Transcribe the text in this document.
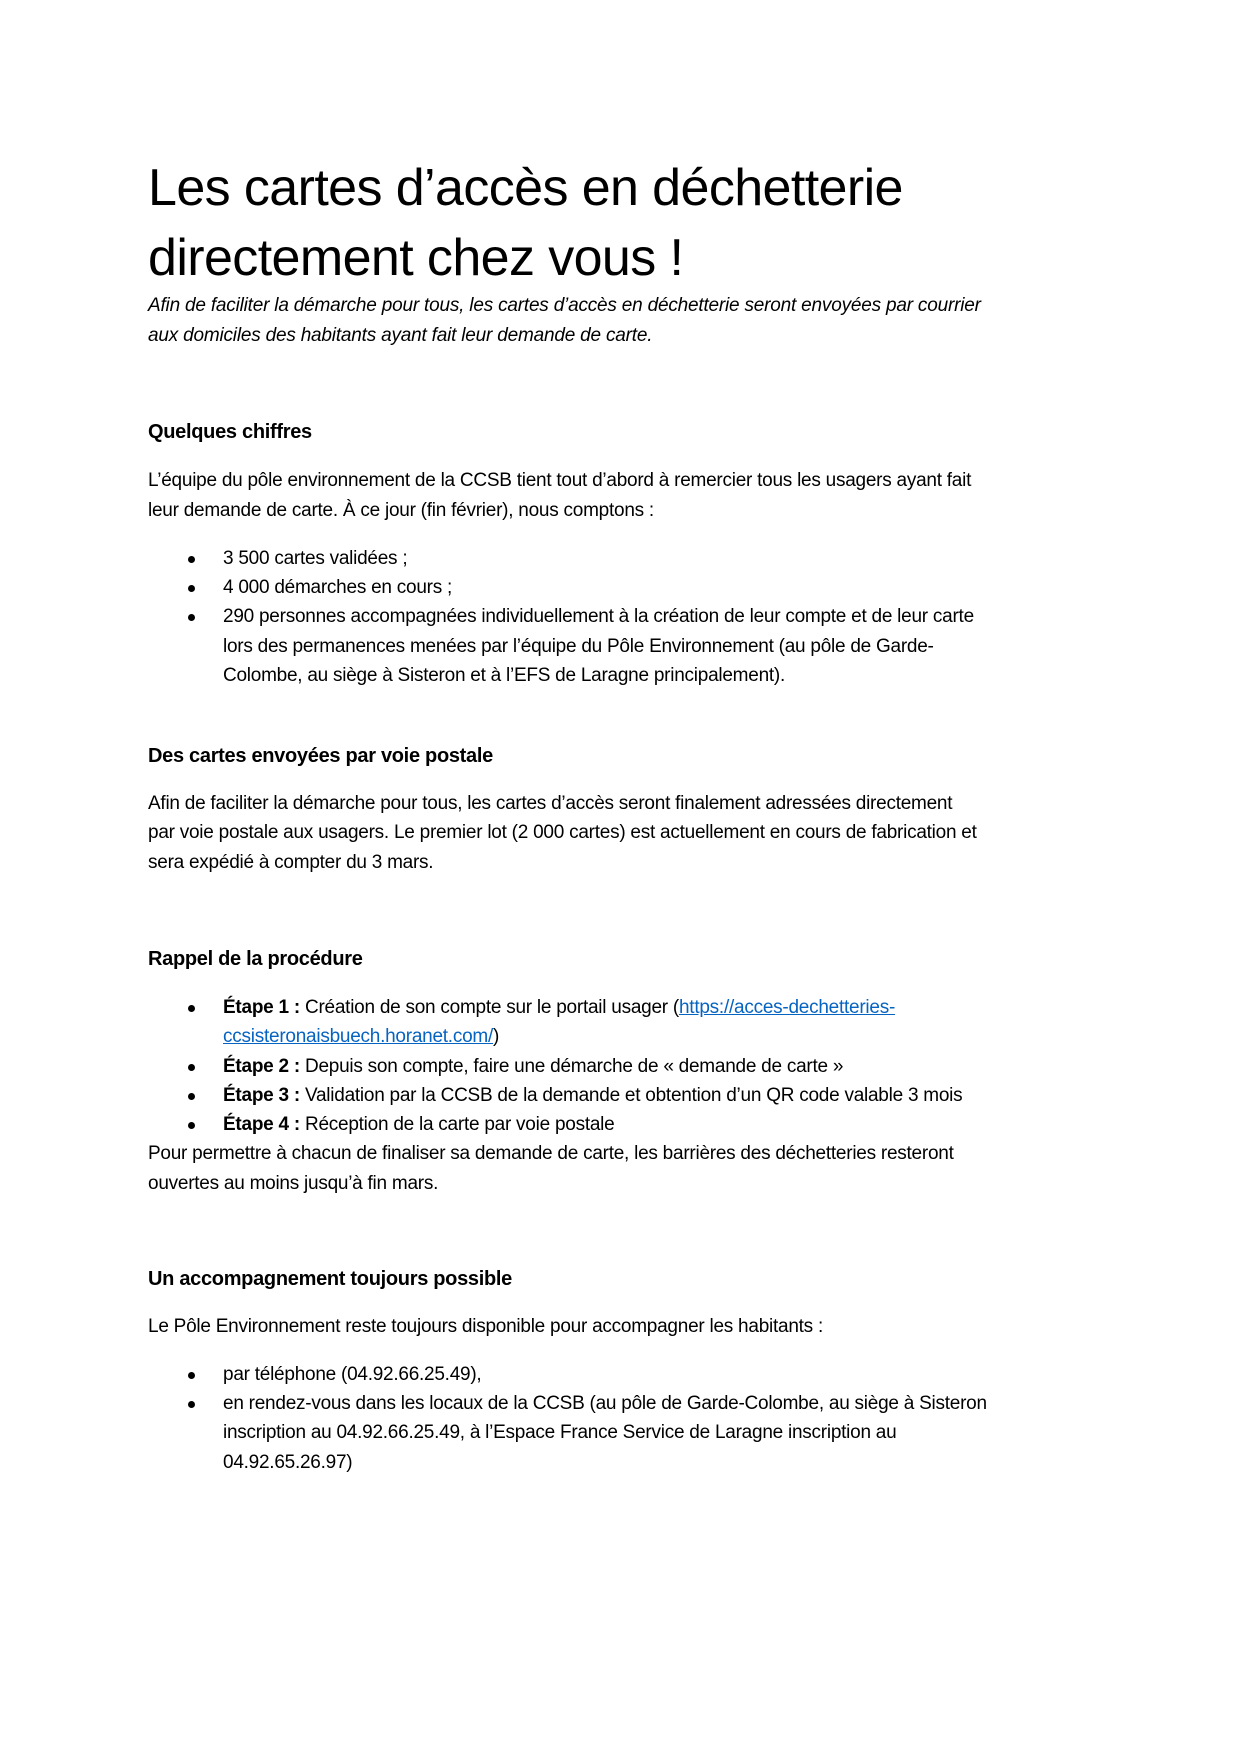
Les cartes d’accès en déchetterie
directement chez vous !
Afin de faciliter la démarche pour tous, les cartes d’accès en déchetterie seront envoyées par courrier
aux domiciles des habitants ayant fait leur demande de carte.
Quelques chiffres
L’équipe du pôle environnement de la CCSB tient tout d’abord à remercier tous les usagers ayant fait
leur demande de carte. À ce jour (fin février), nous comptons :
3 500 cartes validées ;
4 000 démarches en cours ;
290 personnes accompagnées individuellement à la création de leur compte et de leur carte
lors des permanences menées par l’équipe du Pôle Environnement (au pôle de Garde-
Colombe, au siège à Sisteron et à l’EFS de Laragne principalement).
Des cartes envoyées par voie postale
Afin de faciliter la démarche pour tous, les cartes d’accès seront finalement adressées directement
par voie postale aux usagers. Le premier lot (2 000 cartes) est actuellement en cours de fabrication et
sera expédié à compter du 3 mars.
Rappel de la procédure
Étape 1 : Création de son compte sur le portail usager (https://acces-dechetteries-
ccsisteronaisbuech.horanet.com/)
Étape 2 : Depuis son compte, faire une démarche de « demande de carte »
Étape 3 : Validation par la CCSB de la demande et obtention d’un QR code valable 3 mois
Étape 4 : Réception de la carte par voie postale
Pour permettre à chacun de finaliser sa demande de carte, les barrières des déchetteries resteront
ouvertes au moins jusqu’à fin mars.
Un accompagnement toujours possible
Le Pôle Environnement reste toujours disponible pour accompagner les habitants :
par téléphone (04.92.66.25.49),
en rendez-vous dans les locaux de la CCSB (au pôle de Garde-Colombe, au siège à Sisteron
inscription au 04.92.66.25.49, à l’Espace France Service de Laragne inscription au
04.92.65.26.97)
